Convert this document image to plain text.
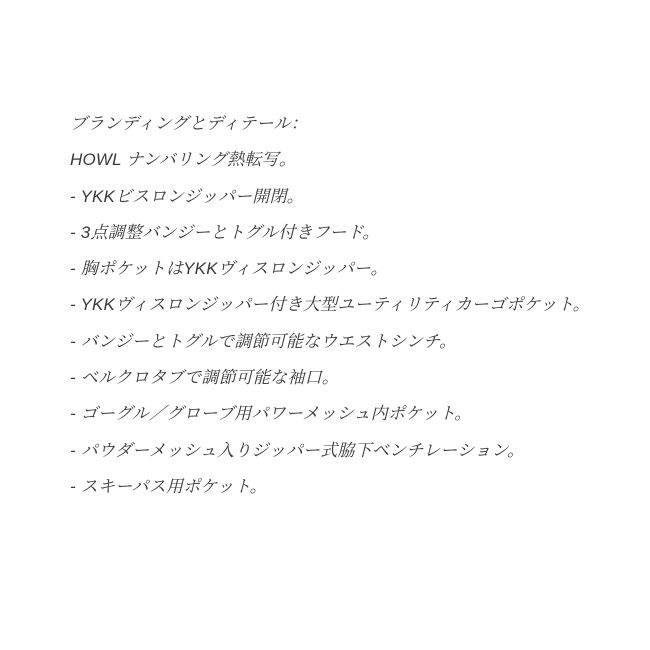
ブランディングとディテール：

HOWL ナンバリング熱転写。

- YKKビスロンジッパー開閉。
- 3点調整バンジーとトグル付きフード。
- 胸ポケットはYKKヴィスロンジッパー。
- YKKヴィスロンジッパー付き大型ユーティリティカーゴポケット。
- バンジーとトグルで調節可能なウエストシンチ。
- ベルクロタブで調節可能な袖口。
- ゴーグル／グローブ用パワーメッシュ内ポケット。
- パウダーメッシュ入りジッパー式脇下ベンチレーション。
- スキーパス用ポケット。
